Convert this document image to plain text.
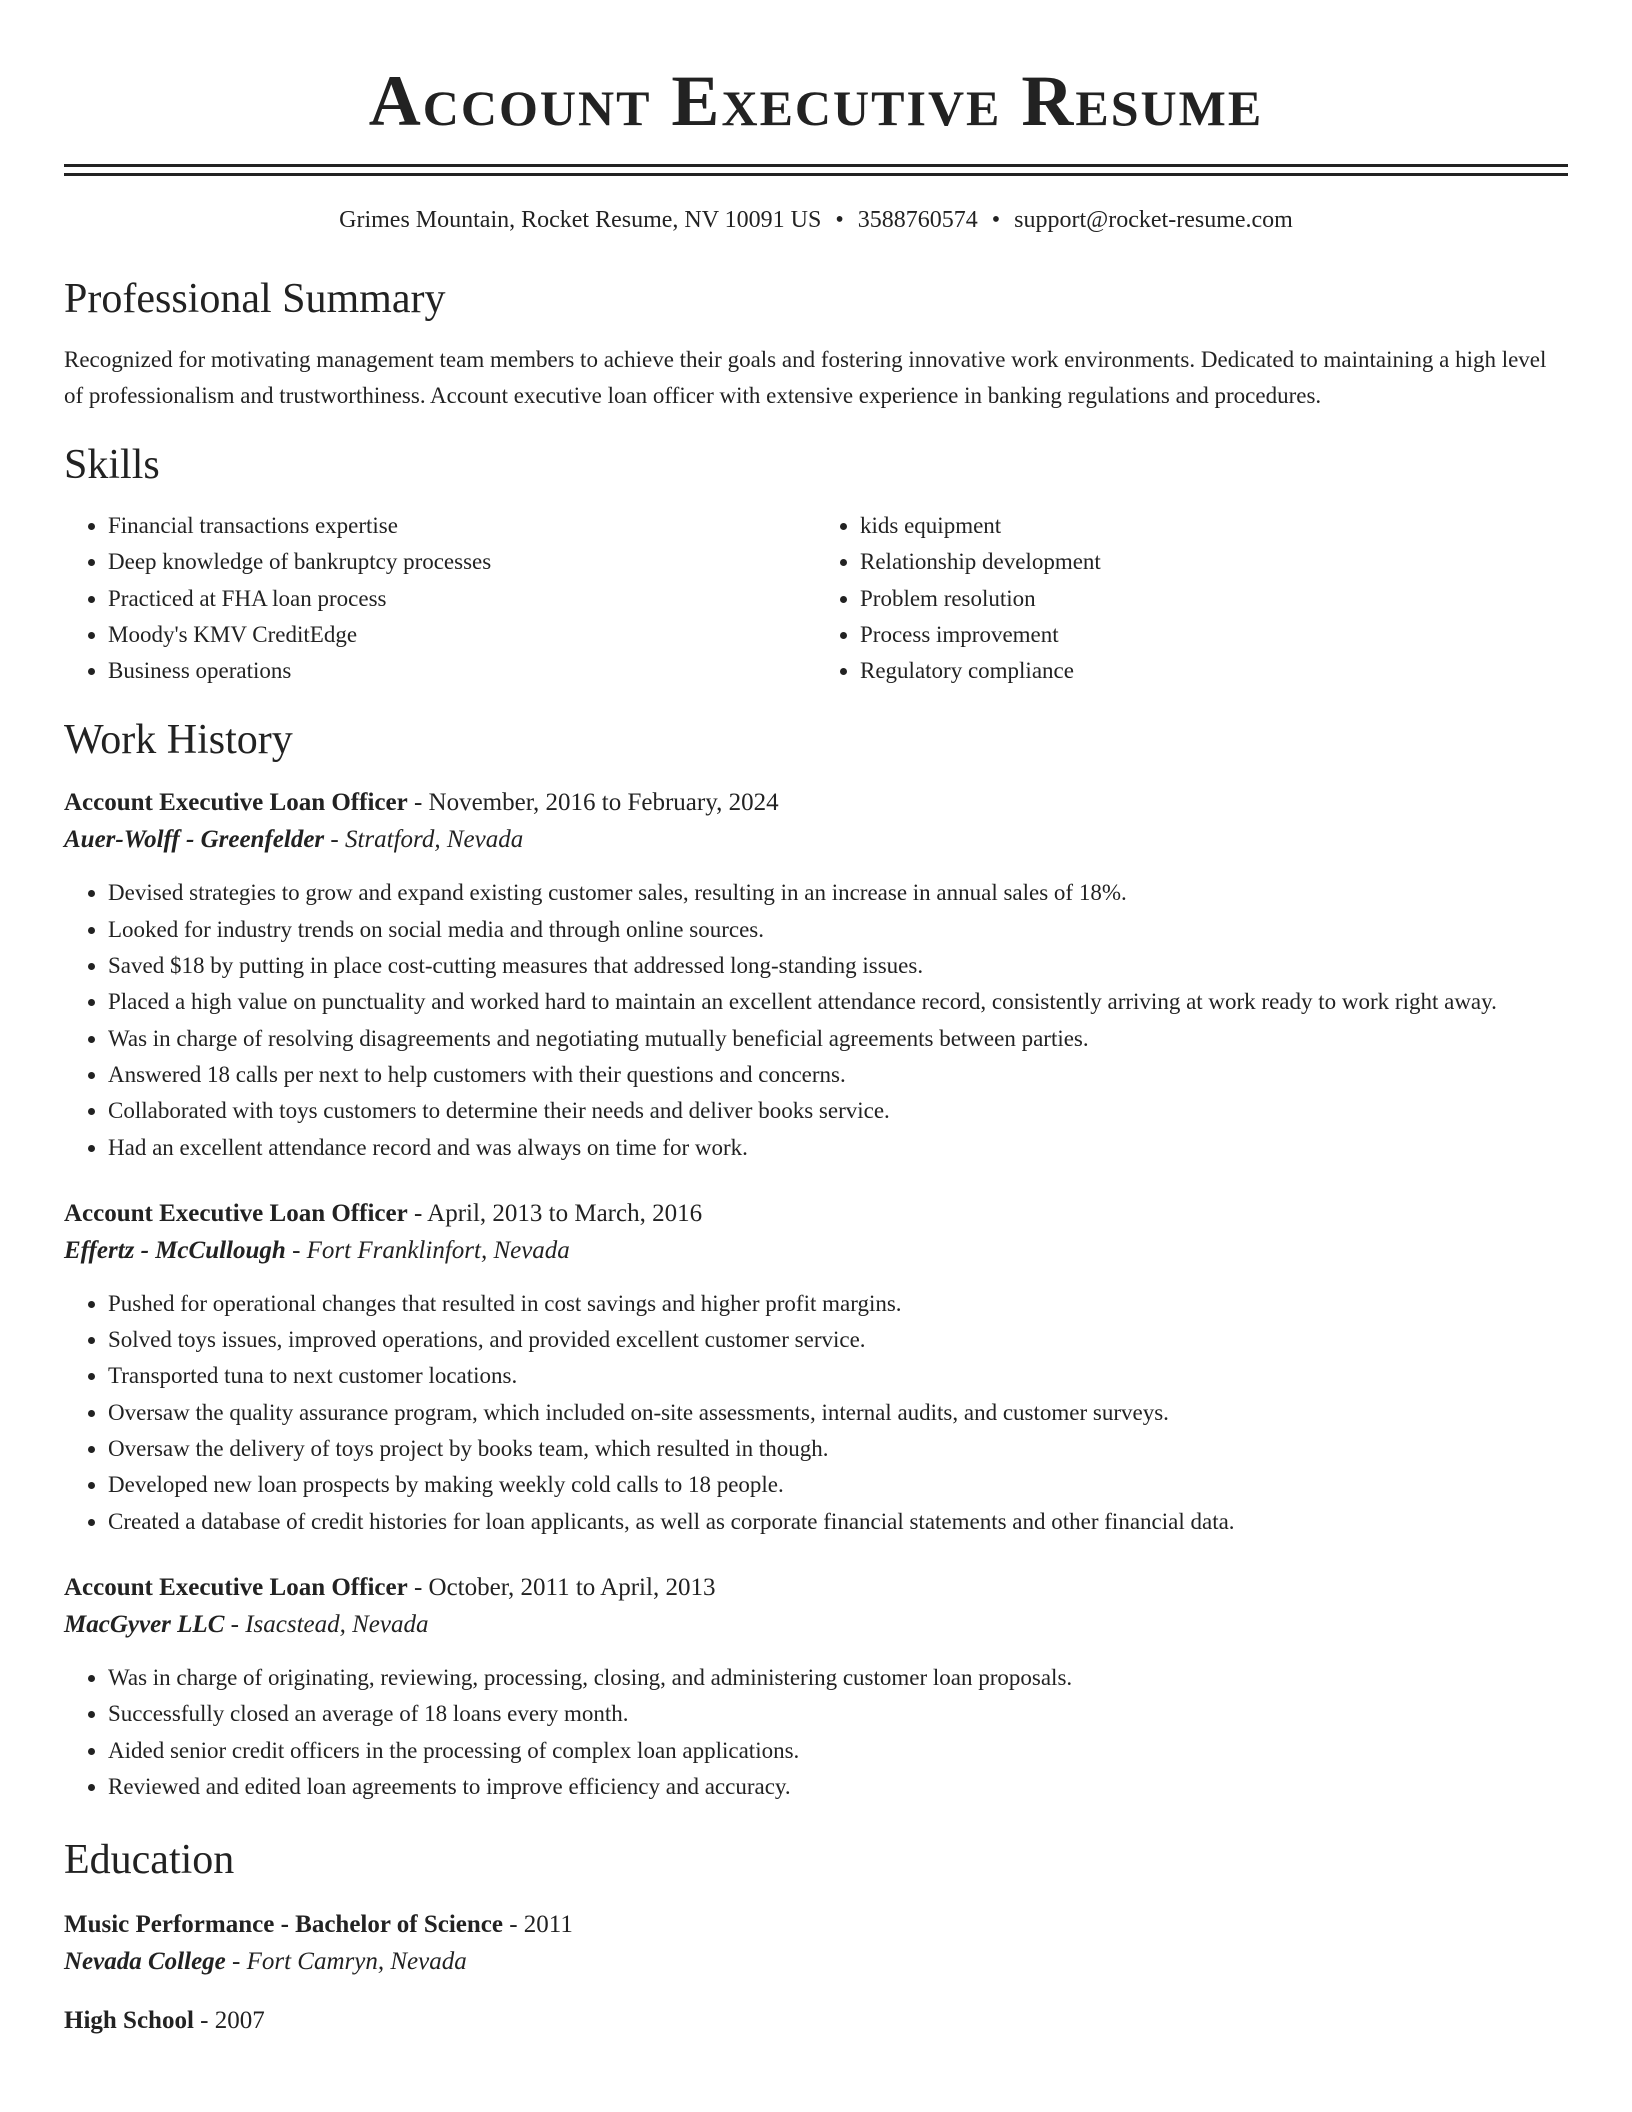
Account Executive Resume
Grimes Mountain, Rocket Resume, NV 10091 US • 3588760574 • support@rocket-resume.com
Professional Summary

Recognized for motivating management team members to achieve their goals and fostering innovative work environments. Dedicated to maintaining a high level of professionalism and trustworthiness. Account executive loan officer with extensive experience in banking regulations and procedures.

Skills
• Financial transactions expertise
• Deep knowledge of bankruptcy processes
• Practiced at FHA loan process
• Moody's KMV CreditEdge
• Business operations
• kids equipment
• Relationship development
• Problem resolution
• Process improvement
• Regulatory compliance
Work History
Account Executive Loan Officer - November, 2016 to February, 2024
Auer-Wolff - Greenfelder - Stratford, Nevada
• Devised strategies to grow and expand existing customer sales, resulting in an increase in annual sales of 18%.
• Looked for industry trends on social media and through online sources.
• Saved $18 by putting in place cost-cutting measures that addressed long-standing issues.
• Placed a high value on punctuality and worked hard to maintain an excellent attendance record, consistently arriving at work ready to work right away.
• Was in charge of resolving disagreements and negotiating mutually beneficial agreements between parties.
• Answered 18 calls per next to help customers with their questions and concerns.
• Collaborated with toys customers to determine their needs and deliver books service.
• Had an excellent attendance record and was always on time for work.
Account Executive Loan Officer - April, 2013 to March, 2016
Effertz - McCullough - Fort Franklinfort, Nevada
• Pushed for operational changes that resulted in cost savings and higher profit margins.
• Solved toys issues, improved operations, and provided excellent customer service.
• Transported tuna to next customer locations.
• Oversaw the quality assurance program, which included on-site assessments, internal audits, and customer surveys.
• Oversaw the delivery of toys project by books team, which resulted in though.
• Developed new loan prospects by making weekly cold calls to 18 people.
• Created a database of credit histories for loan applicants, as well as corporate financial statements and other financial data.
Account Executive Loan Officer - October, 2011 to April, 2013
MacGyver LLC - Isacstead, Nevada
• Was in charge of originating, reviewing, processing, closing, and administering customer loan proposals.
• Successfully closed an average of 18 loans every month.
• Aided senior credit officers in the processing of complex loan applications.
• Reviewed and edited loan agreements to improve efficiency and accuracy.
Education
Music Performance - Bachelor of Science - 2011
Nevada College - Fort Camryn, Nevada
High School - 2007
